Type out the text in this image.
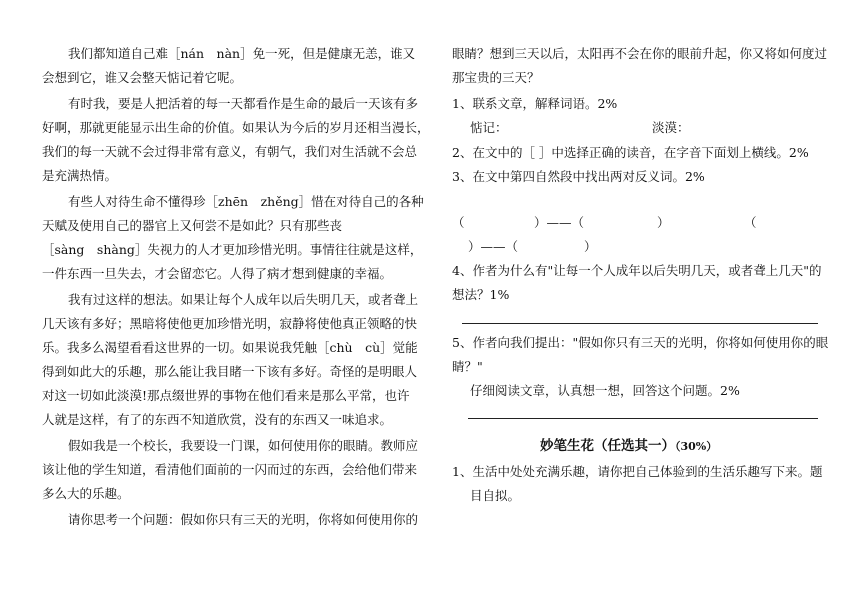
我们都知道自己难［nán　nàn］免一死，但是健康无恙，谁又
会想到它，谁又会整天惦记着它呢。
有时我，要是人把活着的每一天都看作是生命的最后一天该有多
好啊，那就更能显示出生命的价值。如果认为今后的岁月还相当漫长，
我们的每一天就不会过得非常有意义，有朝气，我们对生活就不会总
是充满热情。
有些人对待生命不懂得珍［zhēn　zhěng］惜在对待自己的各种
天赋及使用自己的器官上又何尝不是如此？只有那些丧
［sàng　shàng］失视力的人才更加珍惜光明。事情往往就是这样，
一件东西一旦失去，才会留恋它。人得了病才想到健康的幸福。
我有过这样的想法。如果让每个人成年以后失明几天，或者聋上
几天该有多好；黑暗将使他更加珍惜光明，寂静将使他真正领略的快
乐。我多么渴望看看这世界的一切。如果说我凭触［chù　cù］觉能
得到如此大的乐趣，那么能让我目睹一下该有多好。奇怪的是明眼人
对这一切如此淡漠!那点缀世界的事物在他们看来是那么平常，也许
人就是这样，有了的东西不知道欣赏，没有的东西又一味追求。
假如我是一个校长，我要设一门课，如何使用你的眼睛。教师应
该让他的学生知道，看清他们面前的一闪而过的东西，会给他们带来
多么大的乐趣。
请你思考一个问题：假如你只有三天的光明，你将如何使用你的
眼睛？想到三天以后，太阳再不会在你的眼前升起，你又将如何度过
那宝贵的三天？
1、联系文章，解释词语。2%
惦记：	淡漠：
2、在文中的［ ］中选择正确的读音，在字音下面划上横线。2%
3、在文中第四自然段中找出两对反义词。2%
（	）——（	）	（
）——（	）
4、作者为什么有"让每一个人成年以后失明几天，或者聋上几天"的
想法？1%
5、作者向我们提出："假如你只有三天的光明，你将如何使用你的眼
睛？"
仔细阅读文章，认真想一想，回答这个问题。2%
妙笔生花（任选其一）（30%）
1、生活中处处充满乐趣，请你把自己体验到的生活乐趣写下来。题
目自拟。
